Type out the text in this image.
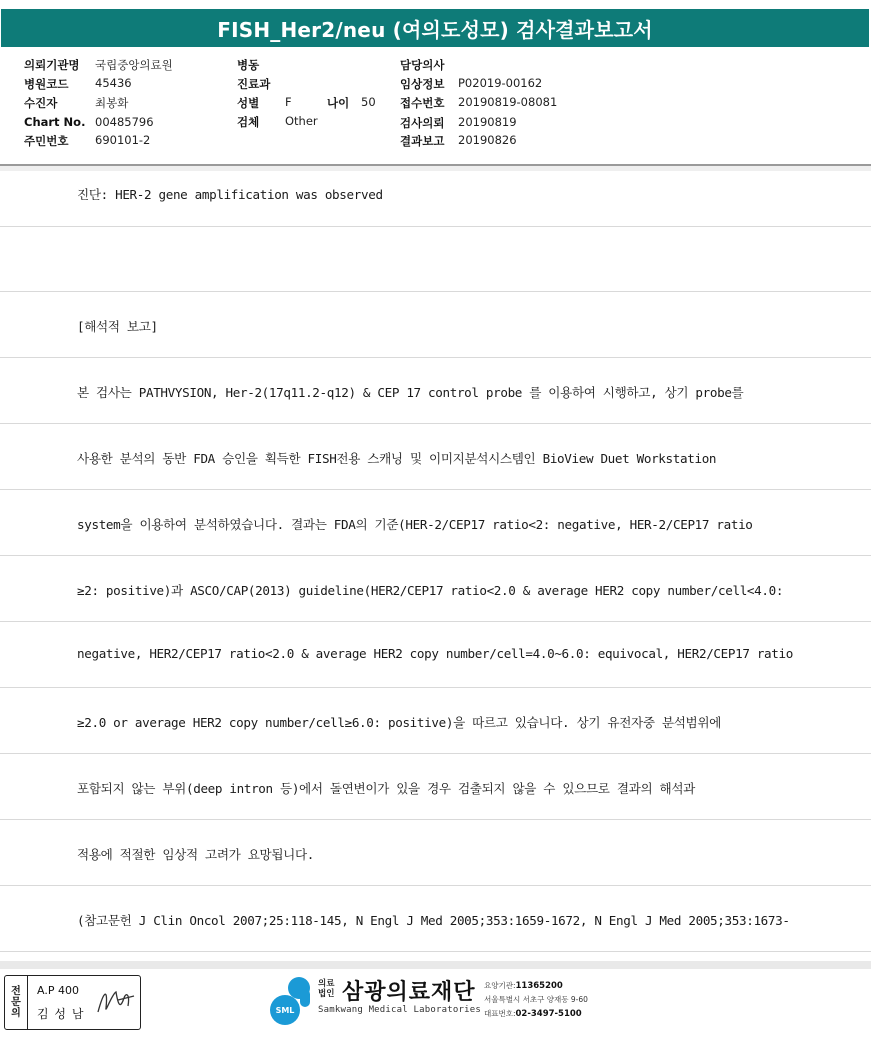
FISH_Her2/neu (여의도성모) 검사결과보고서
의뢰기관명 국립중앙의료원
병원코드 45436
수진자	최봉화
Chart No. 00485796
주민번호 690101-2
병동
진료과
성별 F	나이 50
검체 Other
담당의사
임상정보 P02019-00162
접수번호 20190819-08081
검사의뢰 20190819
결과보고 20190826
진단: HER-2 gene amplification was observed
[해석적 보고]
본 검사는 PATHVYSION, Her-2(17q11.2-q12) & CEP 17 control probe 를 이용하여 시행하고, 상기 probe를
사용한 분석의 동반 FDA 승인을 획득한 FISH전용 스캐닝 및 이미지분석시스템인 BioView Duet Workstation
system을 이용하여 분석하였습니다. 결과는 FDA의 기준(HER-2/CEP17 ratio<2: negative, HER-2/CEP17 ratio
≥2: positive)과 ASCO/CAP(2013) guideline(HER2/CEP17 ratio<2.0 & average HER2 copy number/cell<4.0:
negative, HER2/CEP17 ratio<2.0 & average HER2 copy number/cell=4.0~6.0: equivocal, HER2/CEP17 ratio
≥2.0 or average HER2 copy number/cell≥6.0: positive)을 따르고 있습니다. 상기 유전자중 분석범위에
포함되지 않는 부위(deep intron 등)에서 돌연변이가 있을 경우 검출되지 않을 수 있으므로 결과의 해석과
적용에 적절한 임상적 고려가 요망됩니다.
(참고문헌 J Clin Oncol 2007;25:118-145, N Engl J Med 2005;353:1659-1672, N Engl J Med 2005;353:1673-
전
문
의
A.P 400
김 성 남	SML
의료
법인 삼광의료재단
Samkwang Medical Laboratories
요양기관:11365200
서울특별시 서초구 양재동 9-60
대표번호:02-3497-5100
